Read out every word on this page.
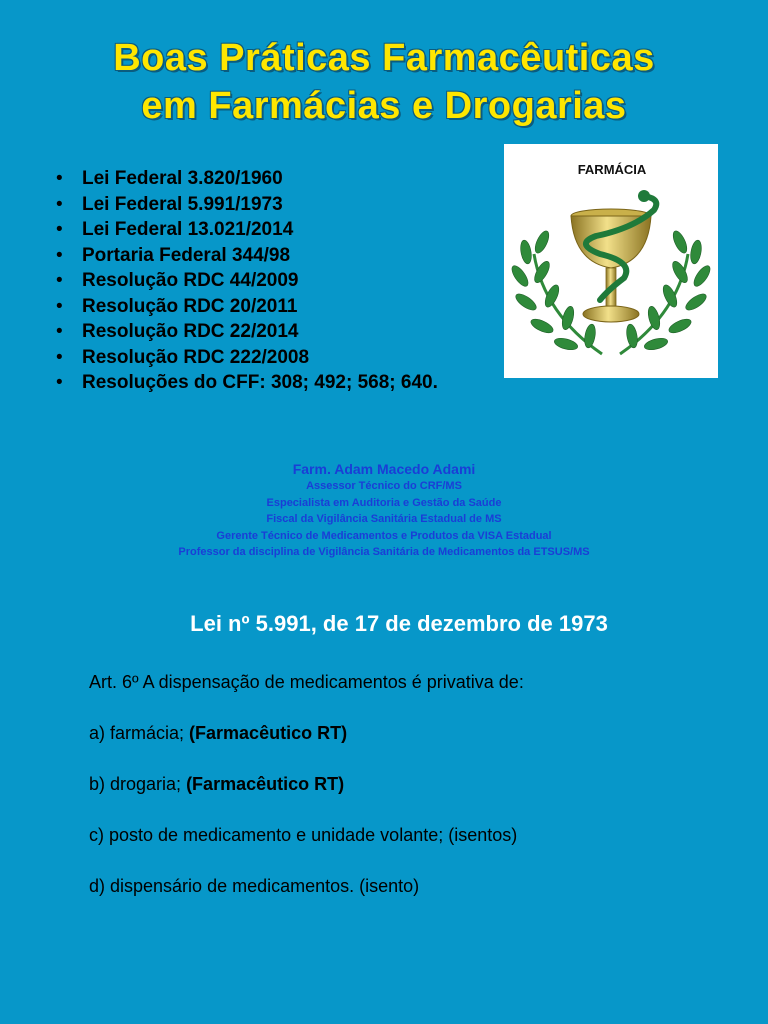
Boas Práticas Farmacêuticas
em Farmácias e Drogarias
• Lei Federal 3.820/1960
• Lei Federal 5.991/1973
• Lei Federal 13.021/2014
• Portaria Federal 344/98
• Resolução RDC 44/2009
• Resolução RDC 20/2011
• Resolução RDC 22/2014
• Resolução RDC 222/2008
• Resoluções do CFF: 308; 492; 568; 640.
FARMÁCIA
Farm. Adam Macedo Adami
Assessor Técnico do CRF/MS
Especialista em Auditoria e Gestão da Saúde
Fiscal da Vigilância Sanitária Estadual de MS
Gerente Técnico de Medicamentos e Produtos da VISA Estadual
Professor da disciplina de Vigilância Sanitária de Medicamentos da ETSUS/MS
Lei nº 5.991, de 17 de dezembro de 1973

Art. 6º A dispensação de medicamentos é privativa de:

a) farmácia; (Farmacêutico RT)

b) drogaria; (Farmacêutico RT)

c) posto de medicamento e unidade volante; (isentos)

d) dispensário de medicamentos. (isento)
